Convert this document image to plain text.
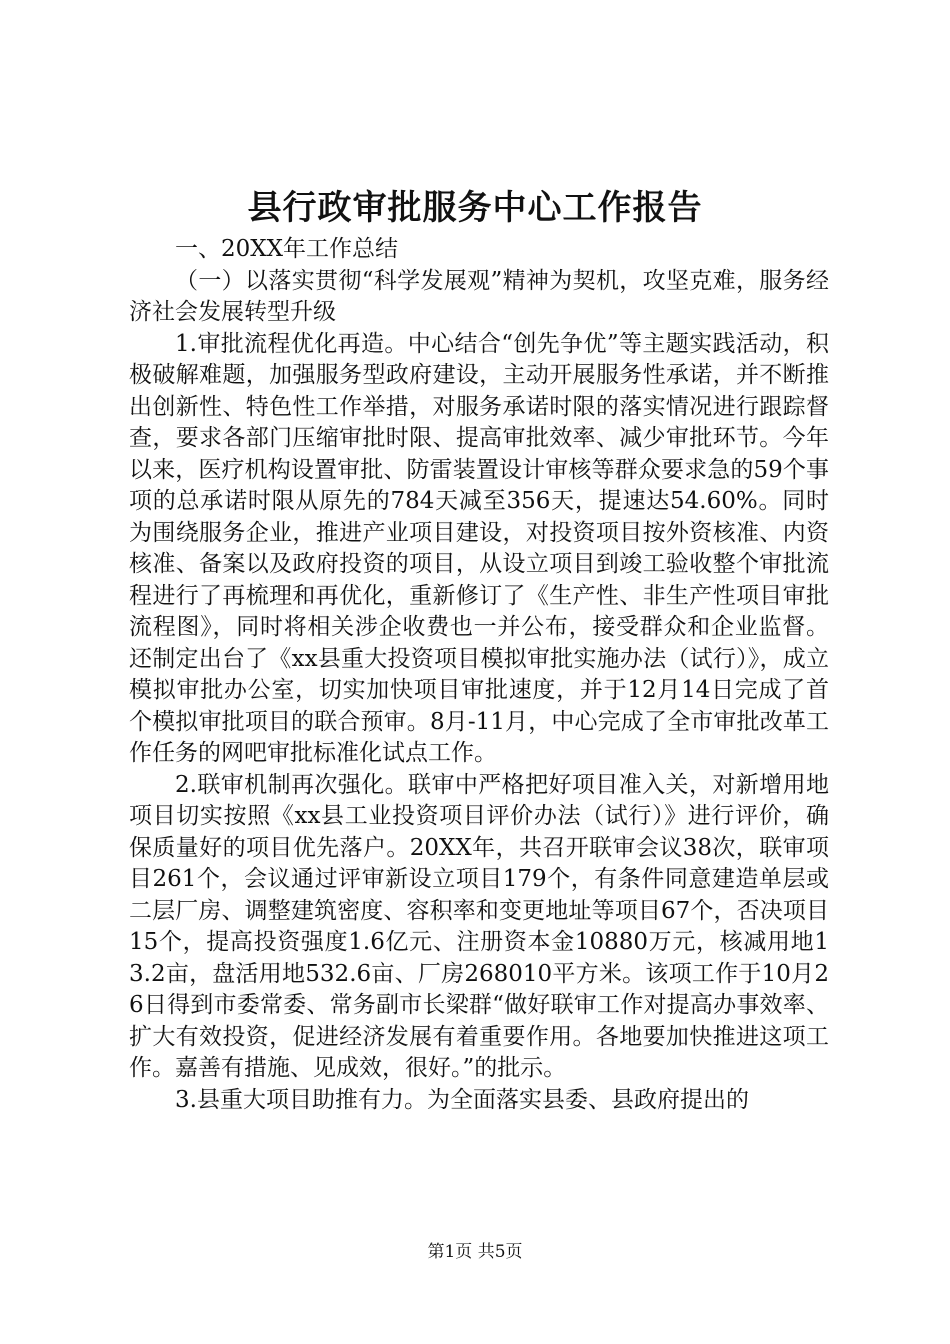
县行政审批服务中心工作报告

一、20XX年工作总结

（一）以落实贯彻“科学发展观”精神为契机，攻坚克难，服务经济社会发展转型升级

1.审批流程优化再造。中心结合“创先争优”等主题实践活动，积极破解难题，加强服务型政府建设，主动开展服务性承诺，并不断推出创新性、特色性工作举措，对服务承诺时限的落实情况进行跟踪督查，要求各部门压缩审批时限、提高审批效率、减少审批环节。今年以来，医疗机构设置审批、防雷装置设计审核等群众要求急的59个事项的总承诺时限从原先的784天减至356天，提速达54.60%。同时为围绕服务企业，推进产业项目建设，对投资项目按外资核准、内资核准、备案以及政府投资的项目，从设立项目到竣工验收整个审批流程进行了再梳理和再优化，重新修订了《生产性、非生产性项目审批流程图》，同时将相关涉企收费也一并公布，接受群众和企业监督。还制定出台了《xx县重大投资项目模拟审批实施办法（试行）》，成立模拟审批办公室，切实加快项目审批速度，并于12月14日完成了首个模拟审批项目的联合预审。8月-11月，中心完成了全市审批改革工作任务的网吧审批标准化试点工作。

2.联审机制再次强化。联审中严格把好项目准入关，对新增用地项目切实按照《xx县工业投资项目评价办法（试行）》进行评价，确保质量好的项目优先落户。20XX年，共召开联审会议38次，联审项目261个，会议通过评审新设立项目179个，有条件同意建造单层或二层厂房、调整建筑密度、容积率和变更地址等项目67个，否决项目15个，提高投资强度1.6亿元、注册资本金10880万元，核减用地13.2亩，盘活用地532.6亩、厂房268010平方米。该项工作于10月26日得到市委常委、常务副市长梁群“做好联审工作对提高办事效率、扩大有效投资，促进经济发展有着重要作用。各地要加快推进这项工作。嘉善有措施、见成效，很好。”的批示。

3.县重大项目助推有力。为全面落实县委、县政府提出的

第1页 共5页
